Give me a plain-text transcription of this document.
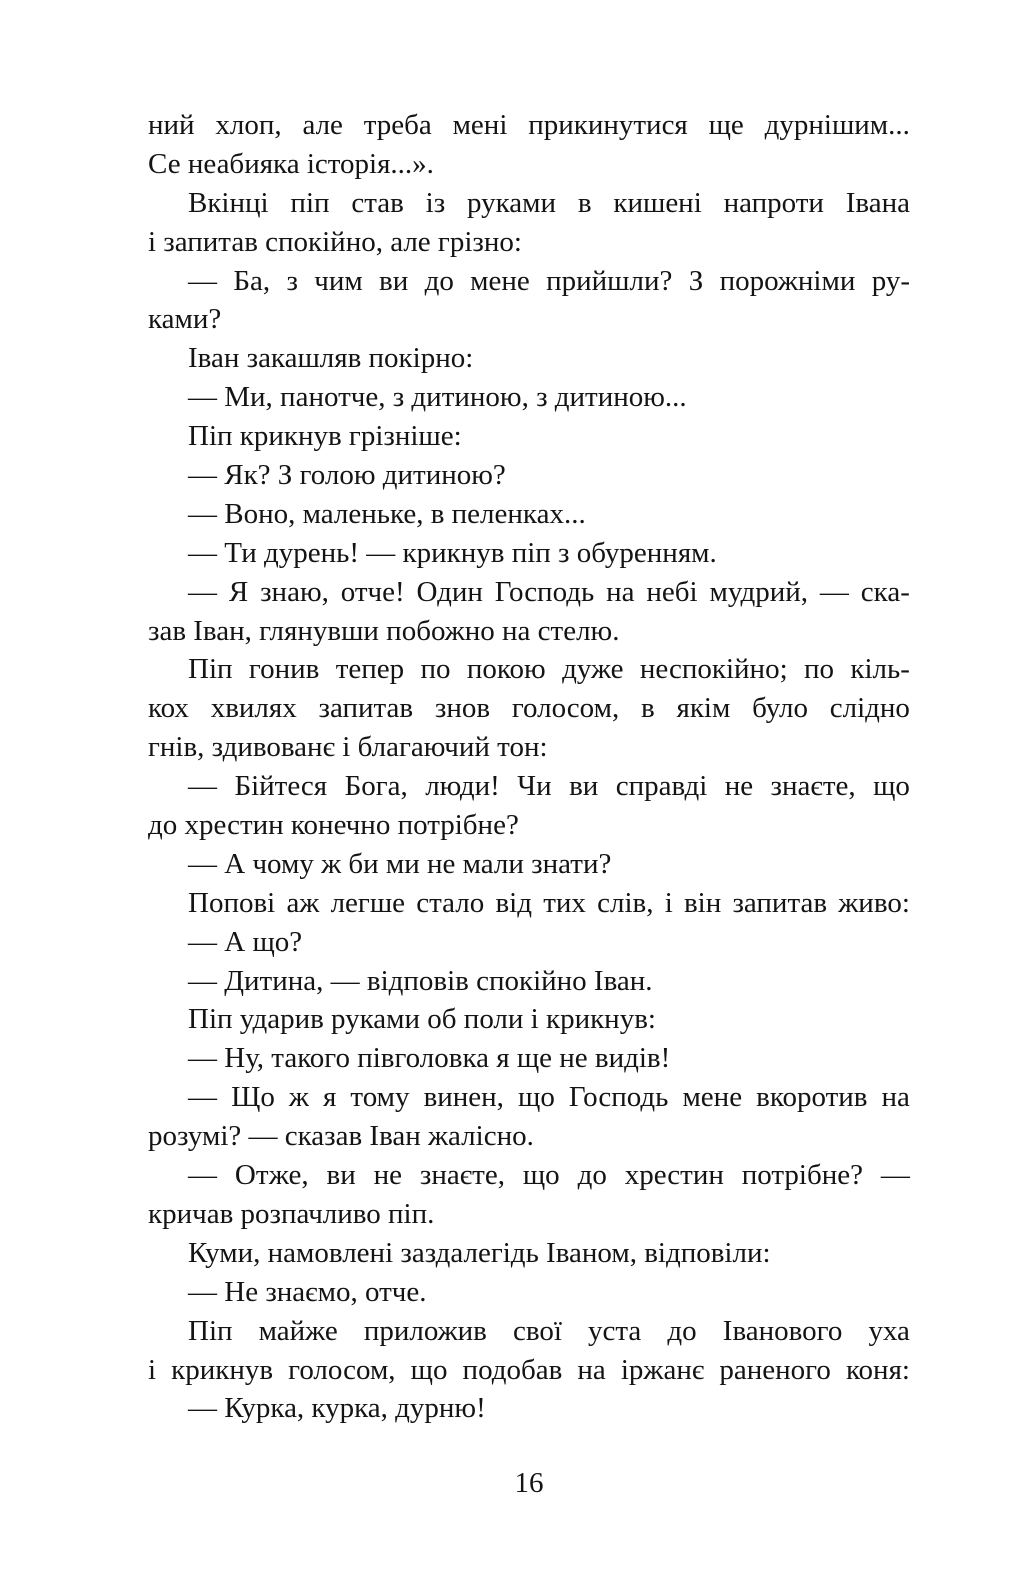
ний хлоп, але треба мені прикинутися ще дурнішим...
Се неабияка історія...».
Вкінці піп став із руками в кишені напроти Івана
і запитав спокійно, але грізно:
— Ба, з чим ви до мене прийшли? З порожніми ру-
ками?
Іван закашляв покірно:
— Ми, панотче, з дитиною, з дитиною...
Піп крикнув грізніше:
— Як? З голою дитиною?
— Воно, маленьке, в пеленках...
— Ти дурень! — крикнув піп з обуренням.
— Я знаю, отче! Один Господь на небі мудрий, — ска-
зав Іван, глянувши побожно на стелю.
Піп гонив тепер по покою дуже неспокійно; по кіль-
кох хвилях запитав знов голосом, в якім було слідно
гнів, здивованє і благаючий тон:
— Бійтеся Бога, люди! Чи ви справді не знаєте, що
до хрестин конечно потрібне?
— А чому ж би ми не мали знати?
Попові аж легше стало від тих слів, і він запитав живо:
— А що?
— Дитина, — відповів спокійно Іван.
Піп ударив руками об поли і крикнув:
— Ну, такого півголовка я ще не видів!
— Що ж я тому винен, що Господь мене вкоротив на
розумі? — сказав Іван жалісно.
— Отже, ви не знаєте, що до хрестин потрібне? —
кричав розпачливо піп.
Куми, намовлені заздалегідь Іваном, відповіли:
— Не знаємо, отче.
Піп майже приложив свої уста до Іванового уха
і крикнув голосом, що подобав на іржанє раненого коня:
— Курка, курка, дурню!
16
